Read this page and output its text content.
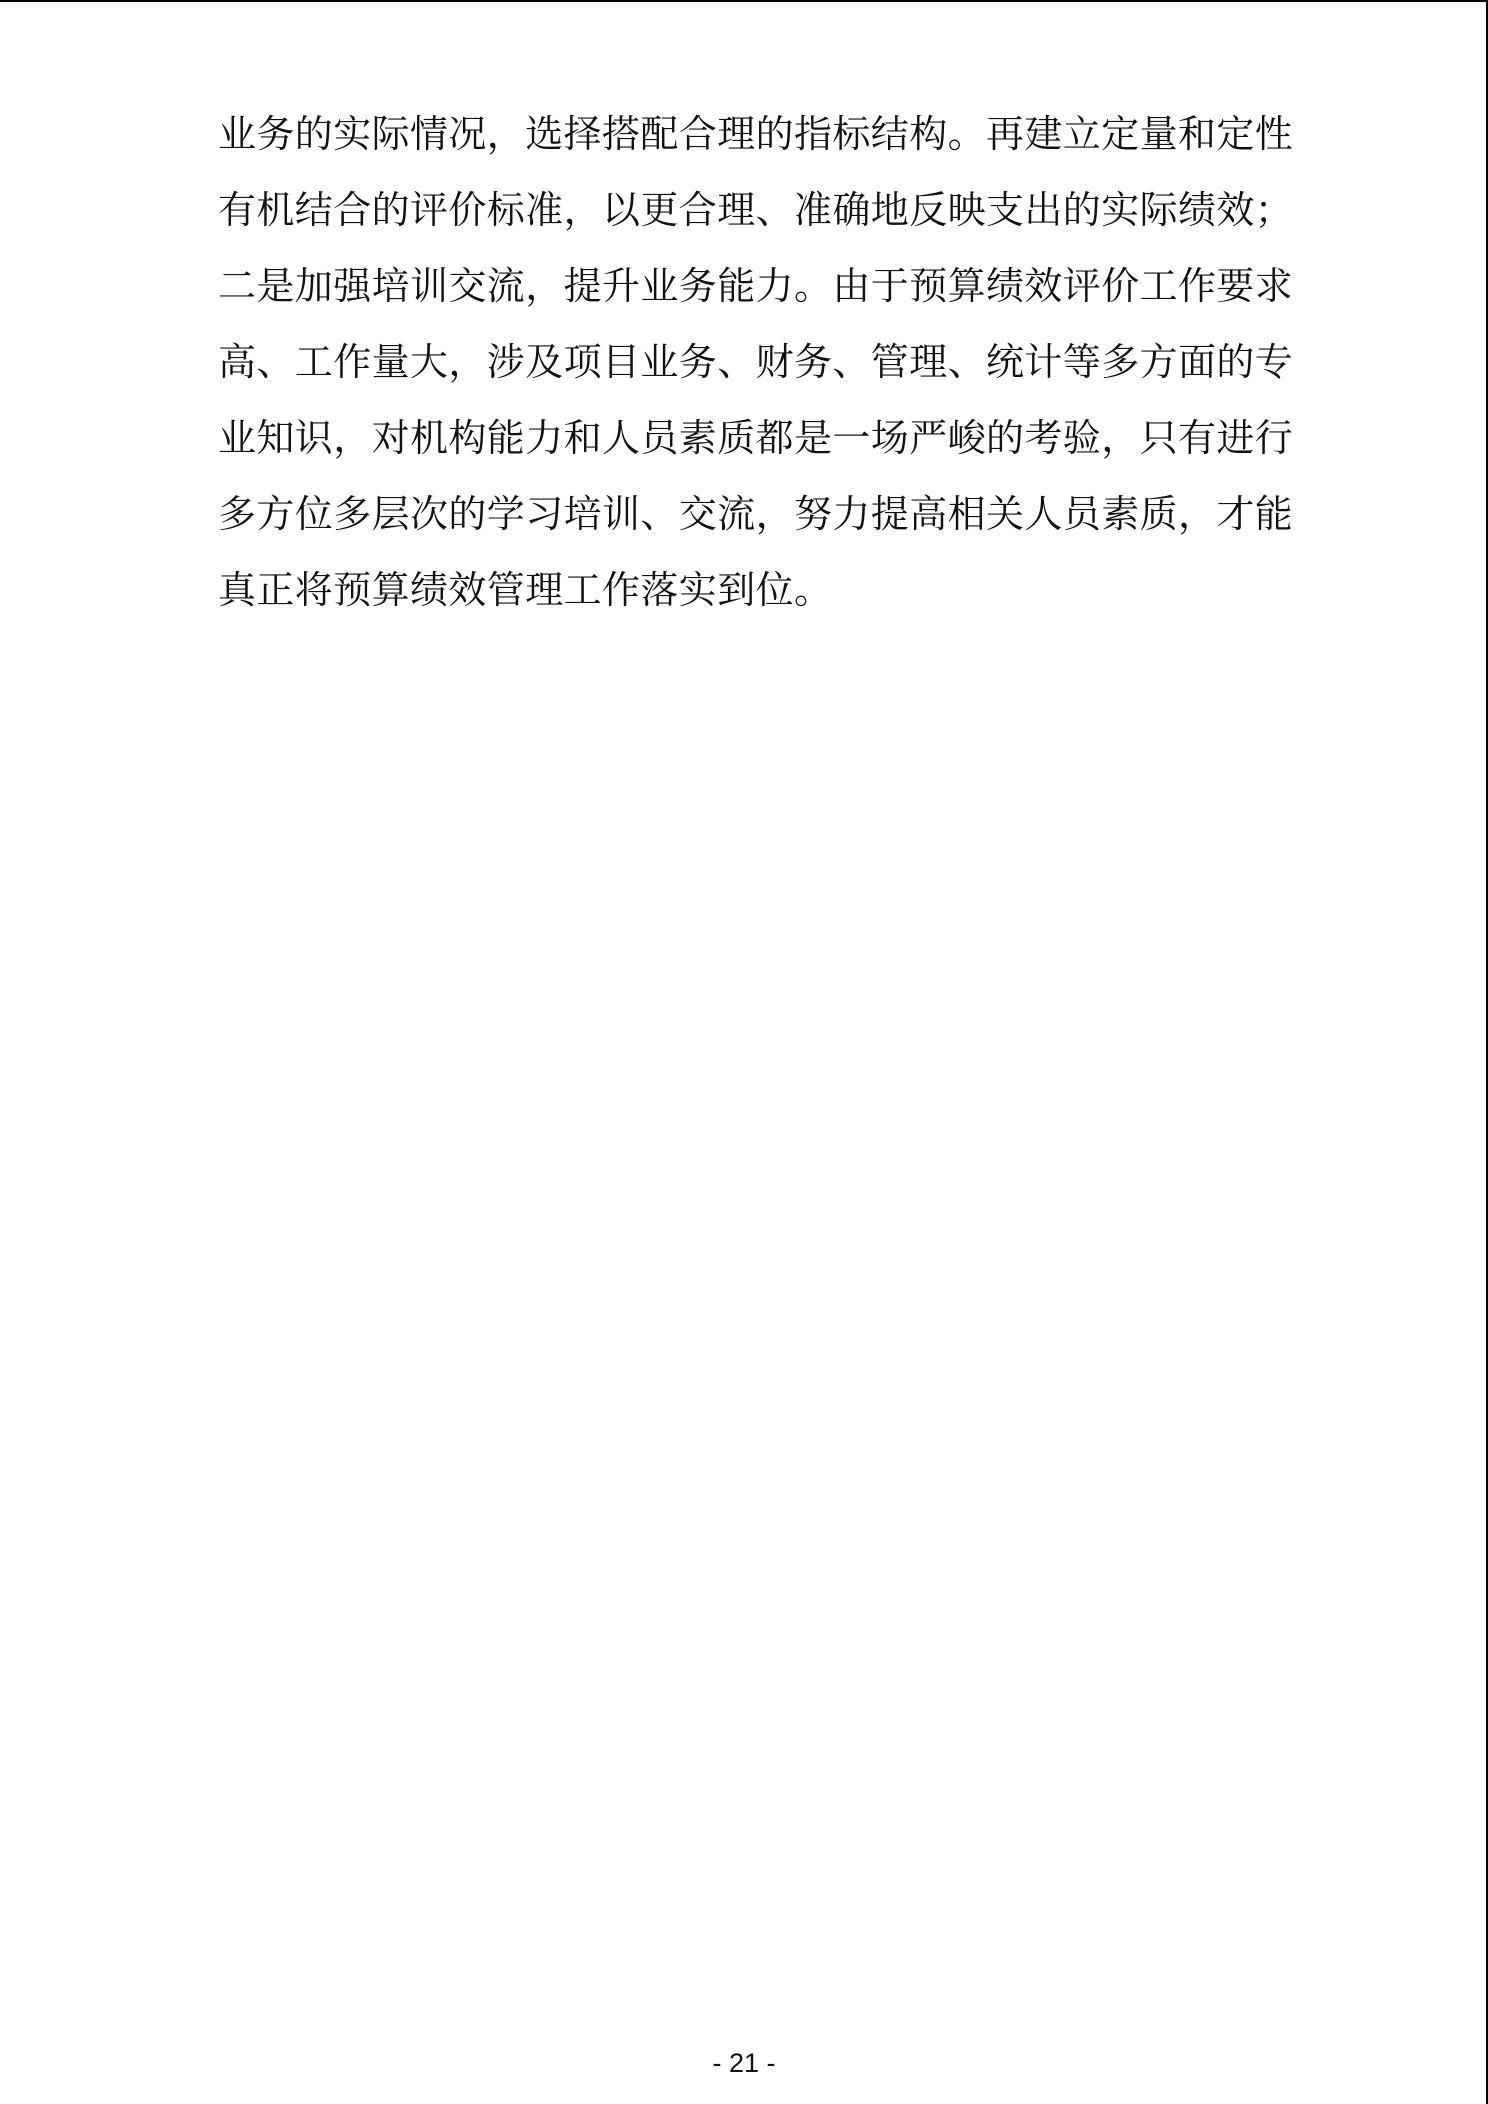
业务的实际情况，选择搭配合理的指标结构。再建立定量和定性
有机结合的评价标准，以更合理、准确地反映支出的实际绩效；
二是加强培训交流，提升业务能力。由于预算绩效评价工作要求
高、工作量大，涉及项目业务、财务、管理、统计等多方面的专
业知识，对机构能力和人员素质都是一场严峻的考验，只有进行
多方位多层次的学习培训、交流，努力提高相关人员素质，才能
真正将预算绩效管理工作落实到位。
- 21 -
